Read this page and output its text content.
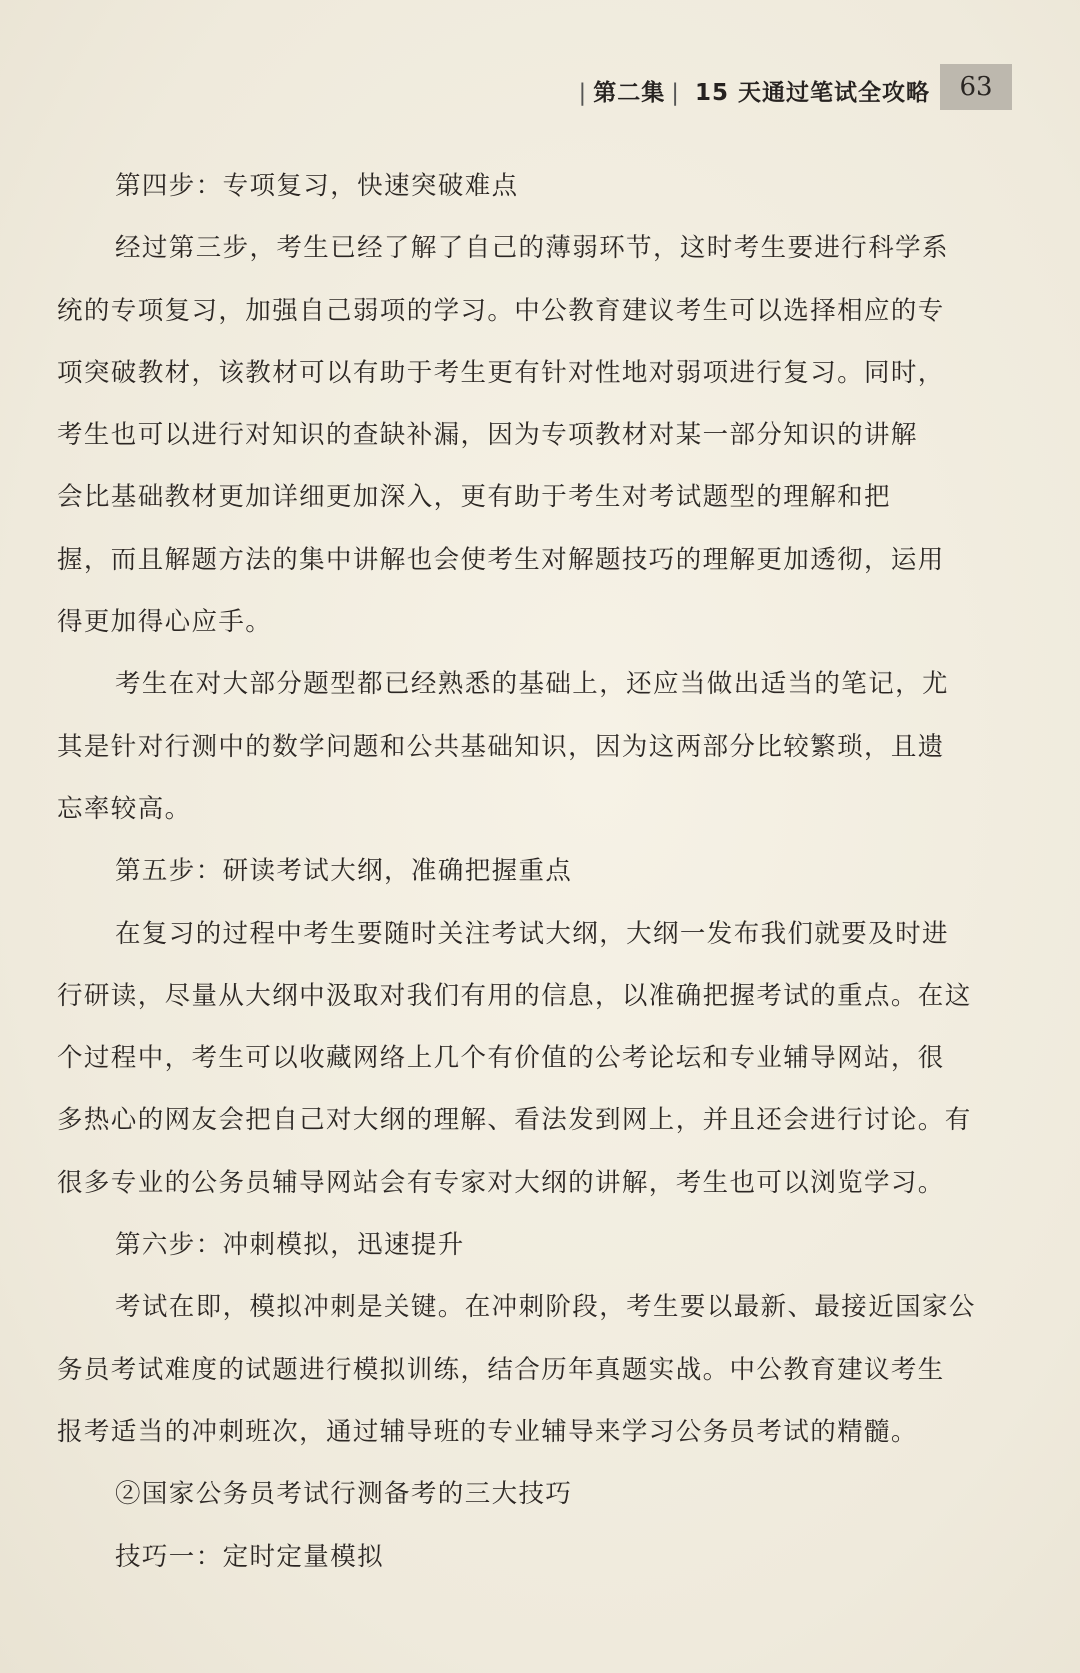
| 第二集 | 15 天通过笔试全攻略	63
第四步：专项复习，快速突破难点
经过第三步，考生已经了解了自己的薄弱环节，这时考生要进行科学系
统的专项复习，加强自己弱项的学习。中公教育建议考生可以选择相应的专
项突破教材，该教材可以有助于考生更有针对性地对弱项进行复习。同时，
考生也可以进行对知识的查缺补漏，因为专项教材对某一部分知识的讲解
会比基础教材更加详细更加深入，更有助于考生对考试题型的理解和把
握，而且解题方法的集中讲解也会使考生对解题技巧的理解更加透彻，运用
得更加得心应手。
考生在对大部分题型都已经熟悉的基础上，还应当做出适当的笔记，尤
其是针对行测中的数学问题和公共基础知识，因为这两部分比较繁琐，且遗
忘率较高。
第五步：研读考试大纲，准确把握重点
在复习的过程中考生要随时关注考试大纲，大纲一发布我们就要及时进
行研读，尽量从大纲中汲取对我们有用的信息，以准确把握考试的重点。在这
个过程中，考生可以收藏网络上几个有价值的公考论坛和专业辅导网站，很
多热心的网友会把自己对大纲的理解、看法发到网上，并且还会进行讨论。有
很多专业的公务员辅导网站会有专家对大纲的讲解，考生也可以浏览学习。
第六步：冲刺模拟，迅速提升
考试在即，模拟冲刺是关键。在冲刺阶段，考生要以最新、最接近国家公
务员考试难度的试题进行模拟训练，结合历年真题实战。中公教育建议考生
报考适当的冲刺班次，通过辅导班的专业辅导来学习公务员考试的精髓。
②国家公务员考试行测备考的三大技巧
技巧一：定时定量模拟
